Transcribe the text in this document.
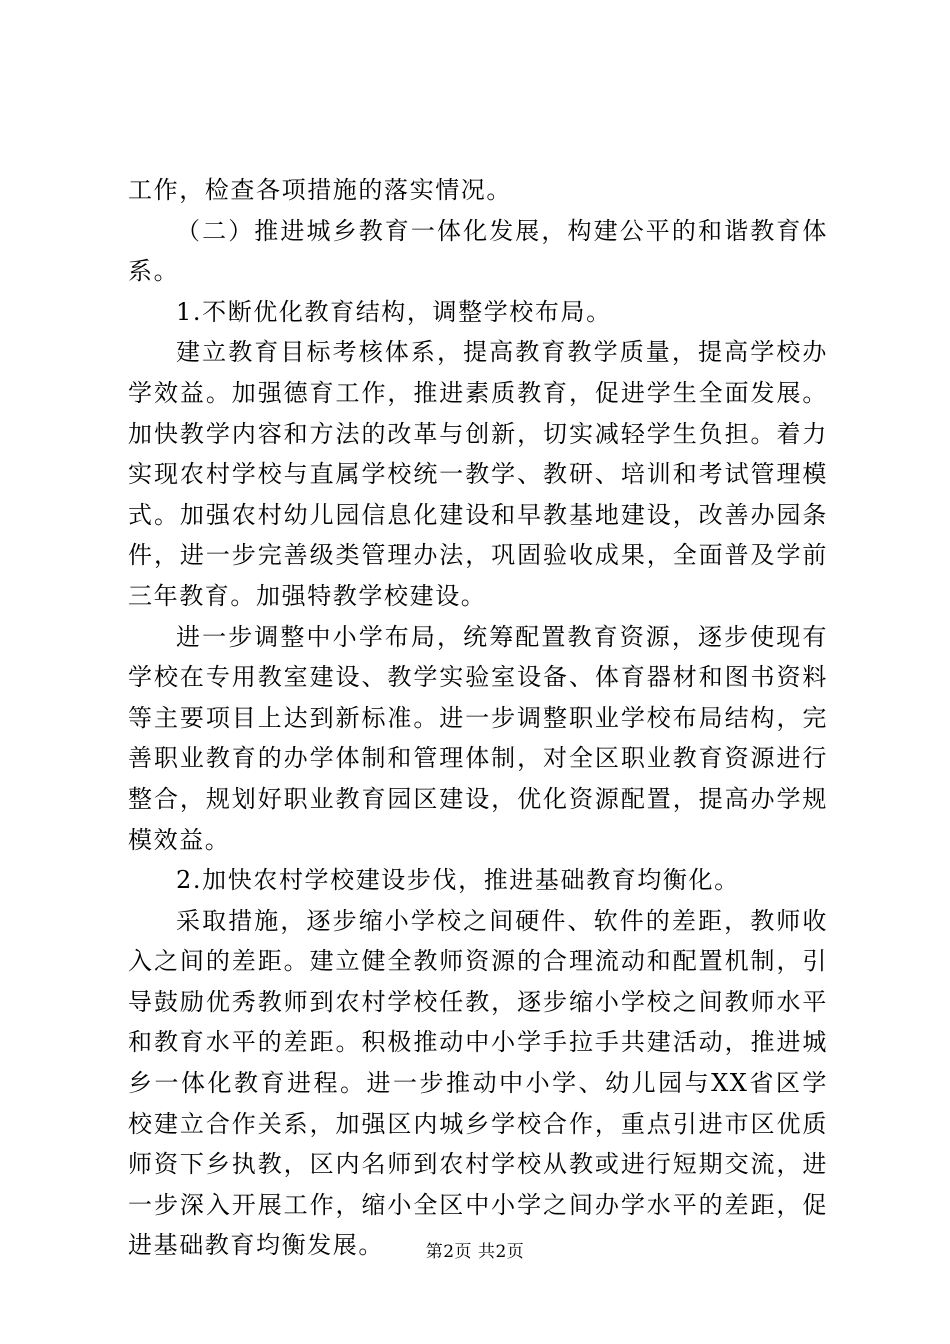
工作，检查各项措施的落实情况。

（二）推进城乡教育一体化发展，构建公平的和谐教育体系。

1.不断优化教育结构，调整学校布局。

建立教育目标考核体系，提高教育教学质量，提高学校办学效益。加强德育工作，推进素质教育，促进学生全面发展。加快教学内容和方法的改革与创新，切实减轻学生负担。着力实现农村学校与直属学校统一教学、教研、培训和考试管理模式。加强农村幼儿园信息化建设和早教基地建设，改善办园条件，进一步完善级类管理办法，巩固验收成果，全面普及学前三年教育。加强特教学校建设。

进一步调整中小学布局，统筹配置教育资源，逐步使现有学校在专用教室建设、教学实验室设备、体育器材和图书资料等主要项目上达到新标准。进一步调整职业学校布局结构，完善职业教育的办学体制和管理体制，对全区职业教育资源进行整合，规划好职业教育园区建设，优化资源配置，提高办学规模效益。

2.加快农村学校建设步伐，推进基础教育均衡化。

采取措施，逐步缩小学校之间硬件、软件的差距，教师收入之间的差距。建立健全教师资源的合理流动和配置机制，引导鼓励优秀教师到农村学校任教，逐步缩小学校之间教师水平和教育水平的差距。积极推动中小学手拉手共建活动，推进城乡一体化教育进程。进一步推动中小学、幼儿园与XX省区学校建立合作关系，加强区内城乡学校合作，重点引进市区优质师资下乡执教，区内名师到农村学校从教或进行短期交流，进一步深入开展工作，缩小全区中小学之间办学水平的差距，促进基础教育均衡发展。	第2页 共2页
